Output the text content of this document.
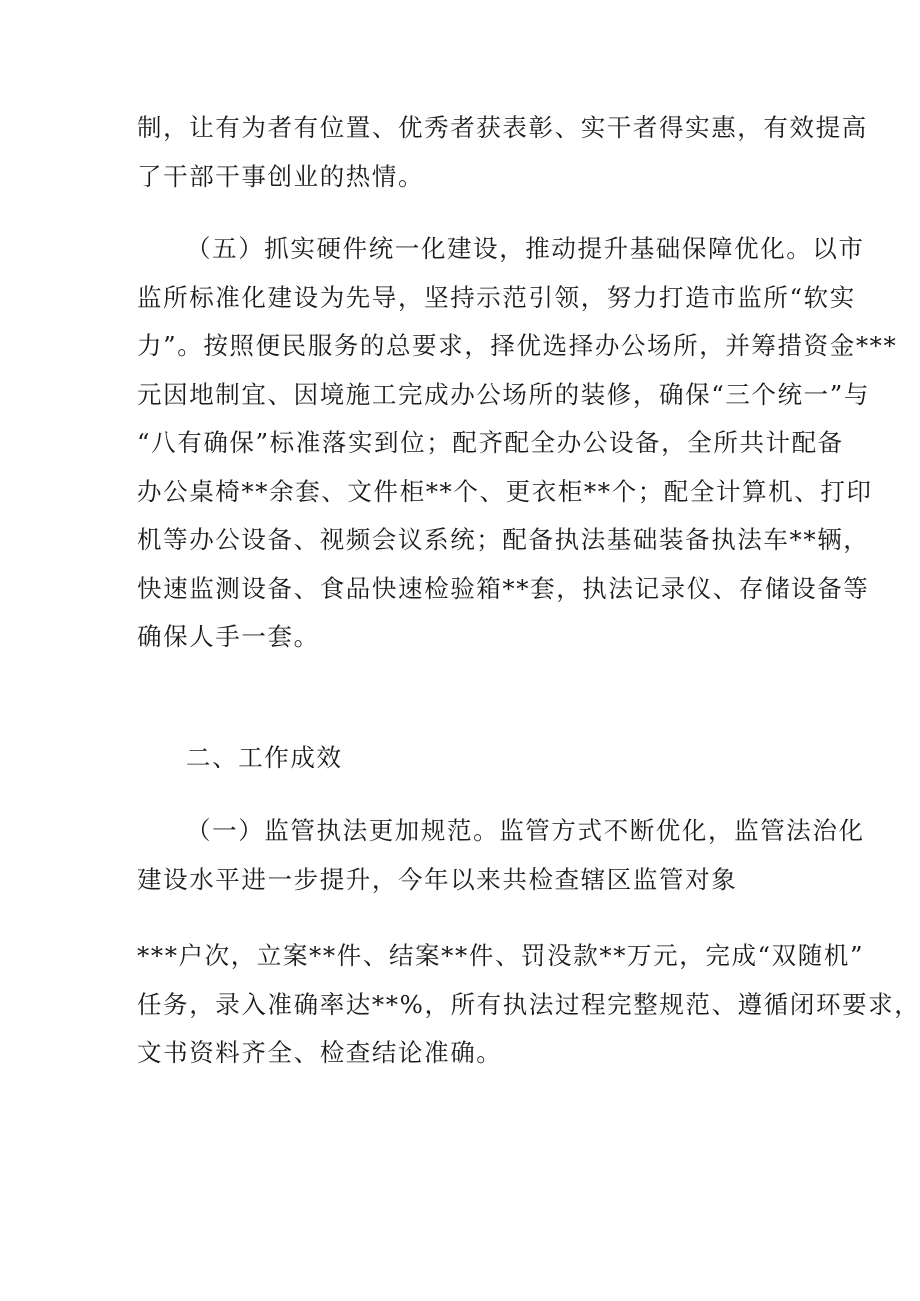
制，让有为者有位置、优秀者获表彰、实干者得实惠，有效提高
了干部干事创业的热情。

（五）抓实硬件统一化建设，推动提升基础保障优化。以市
监所标准化建设为先导，坚持示范引领，努力打造市监所“软实
力”。按照便民服务的总要求，择优选择办公场所，并筹措资金***
元因地制宜、因境施工完成办公场所的装修，确保“三个统一”与
“八有确保”标准落实到位；配齐配全办公设备，全所共计配备
办公桌椅**余套、文件柜**个、更衣柜**个；配全计算机、打印
机等办公设备、视频会议系统；配备执法基础装备执法车**辆，
快速监测设备、食品快速检验箱**套，执法记录仪、存储设备等
确保人手一套。

二、工作成效

（一）监管执法更加规范。监管方式不断优化，监管法治化
建设水平进一步提升，今年以来共检查辖区监管对象

***户次，立案**件、结案**件、罚没款**万元，完成“双随机”
任务，录入准确率达**%，所有执法过程完整规范、遵循闭环要求，
文书资料齐全、检查结论准确。
